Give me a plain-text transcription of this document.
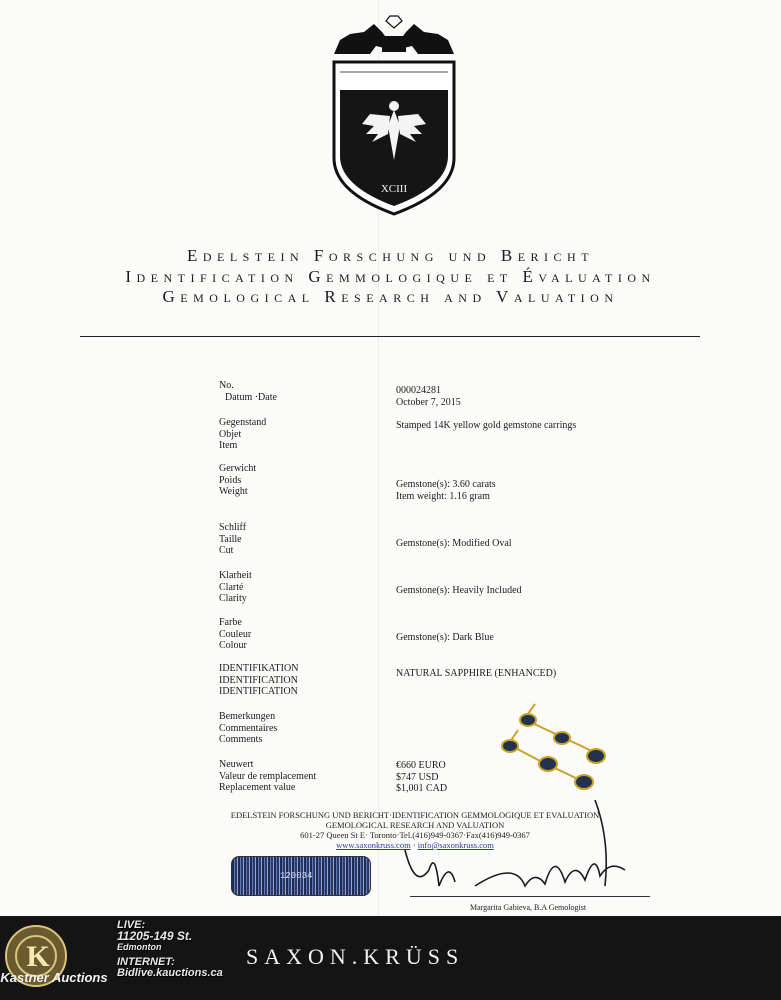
XCIII
Edelstein Forschung und Bericht
Identification Gemmologique et Évaluation
Gemological Research and Valuation
No.
Datum ·Date
000024281
October 7, 2015
Gegenstand
Objet
Item
Stamped 14K yellow gold gemstone carrings
Gerwicht
Poids
Weight
Gemstone(s): 3.60 carats
Item weight: 1.16 gram
Schliff
Taille
Cut
Gemstone(s): Modified Oval
Klarheit
Clarté
Clarity
Gemstone(s): Heavily Included
Farbe
Couleur
Colour
Gemstone(s): Dark Blue
IDENTIFIKATION
IDENTIFICATION
IDENTIFICATION
NATURAL SAPPHIRE (ENHANCED)
Bemerkungen
Commentaires
Comments
Neuwert
Valeur de remplacement
Replacement value
€660 EURO
$747 USD
$1,001 CAD
EDELSTEIN FORSCHUNG UND BERICHT·IDENTIFICATION GEMMOLOGIQUE ET EVALUATION
GEMOLOGICAL RESEARCH AND VALUATION
601-27 Queen St E· Toronto·Tel.(416)949-0367·Fax(416)949-0367
www.saxonkruss.com · info@saxonkruss.com
120034
Margarita Gabieva, B.A Gemologist
SAXON.KRÜSS
K
Kastner Auctions
LIVE:
11205-149 St.
Edmonton
INTERNET:
Bidlive.kauctions.ca
